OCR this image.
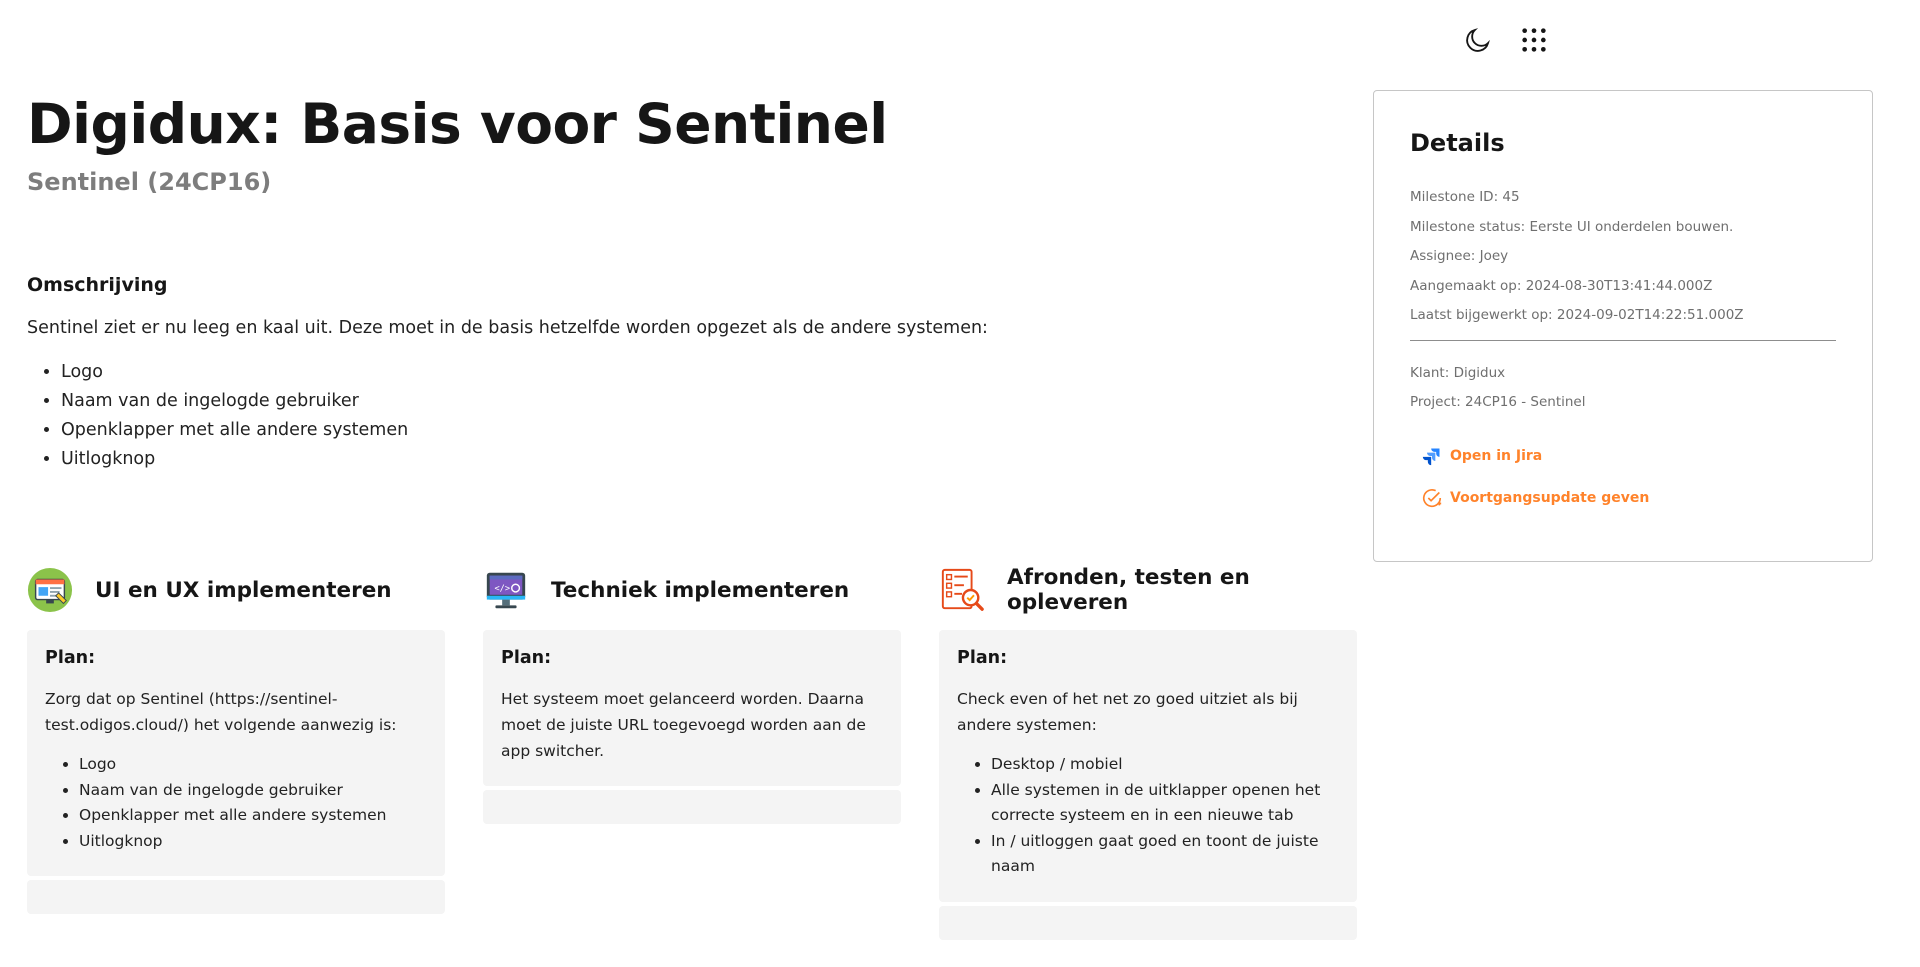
Digidux: Basis voor Sentinel
Sentinel (24CP16)
Omschrijving
Sentinel ziet er nu leeg en kaal uit. Deze moet in de basis hetzelfde worden opgezet als de andere systemen:
• Logo
• Naam van de ingelogde gebruiker
• Openklapper met alle andere systemen
• Uitlogknop
UI en UX implementeren
Plan:
Zorg dat op Sentinel (https://sentinel-test.odigos.cloud/) het volgende aanwezig is:
• Logo
• Naam van de ingelogde gebruiker
• Openklapper met alle andere systemen
• Uitlogknop
</> Techniek implementeren
Plan:
Het systeem moet gelanceerd worden. Daarna moet de juiste URL toegevoegd worden aan de app switcher.
Afronden, testen en opleveren
Plan:
Check even of het net zo goed uitziet als bij andere systemen:
• Desktop / mobiel
• Alle systemen in de uitklapper openen het correcte systeem en in een nieuwe tab
• In / uitloggen gaat goed en toont de juiste naam
Details
Milestone ID: 45
Milestone status: Eerste UI onderdelen bouwen.
Assignee: Joey
Aangemaakt op: 2024-08-30T13:41:44.000Z
Laatst bijgewerkt op: 2024-09-02T14:22:51.000Z
Klant: Digidux
Project: 24CP16 - Sentinel
Open in Jira
Voortgangsupdate geven
